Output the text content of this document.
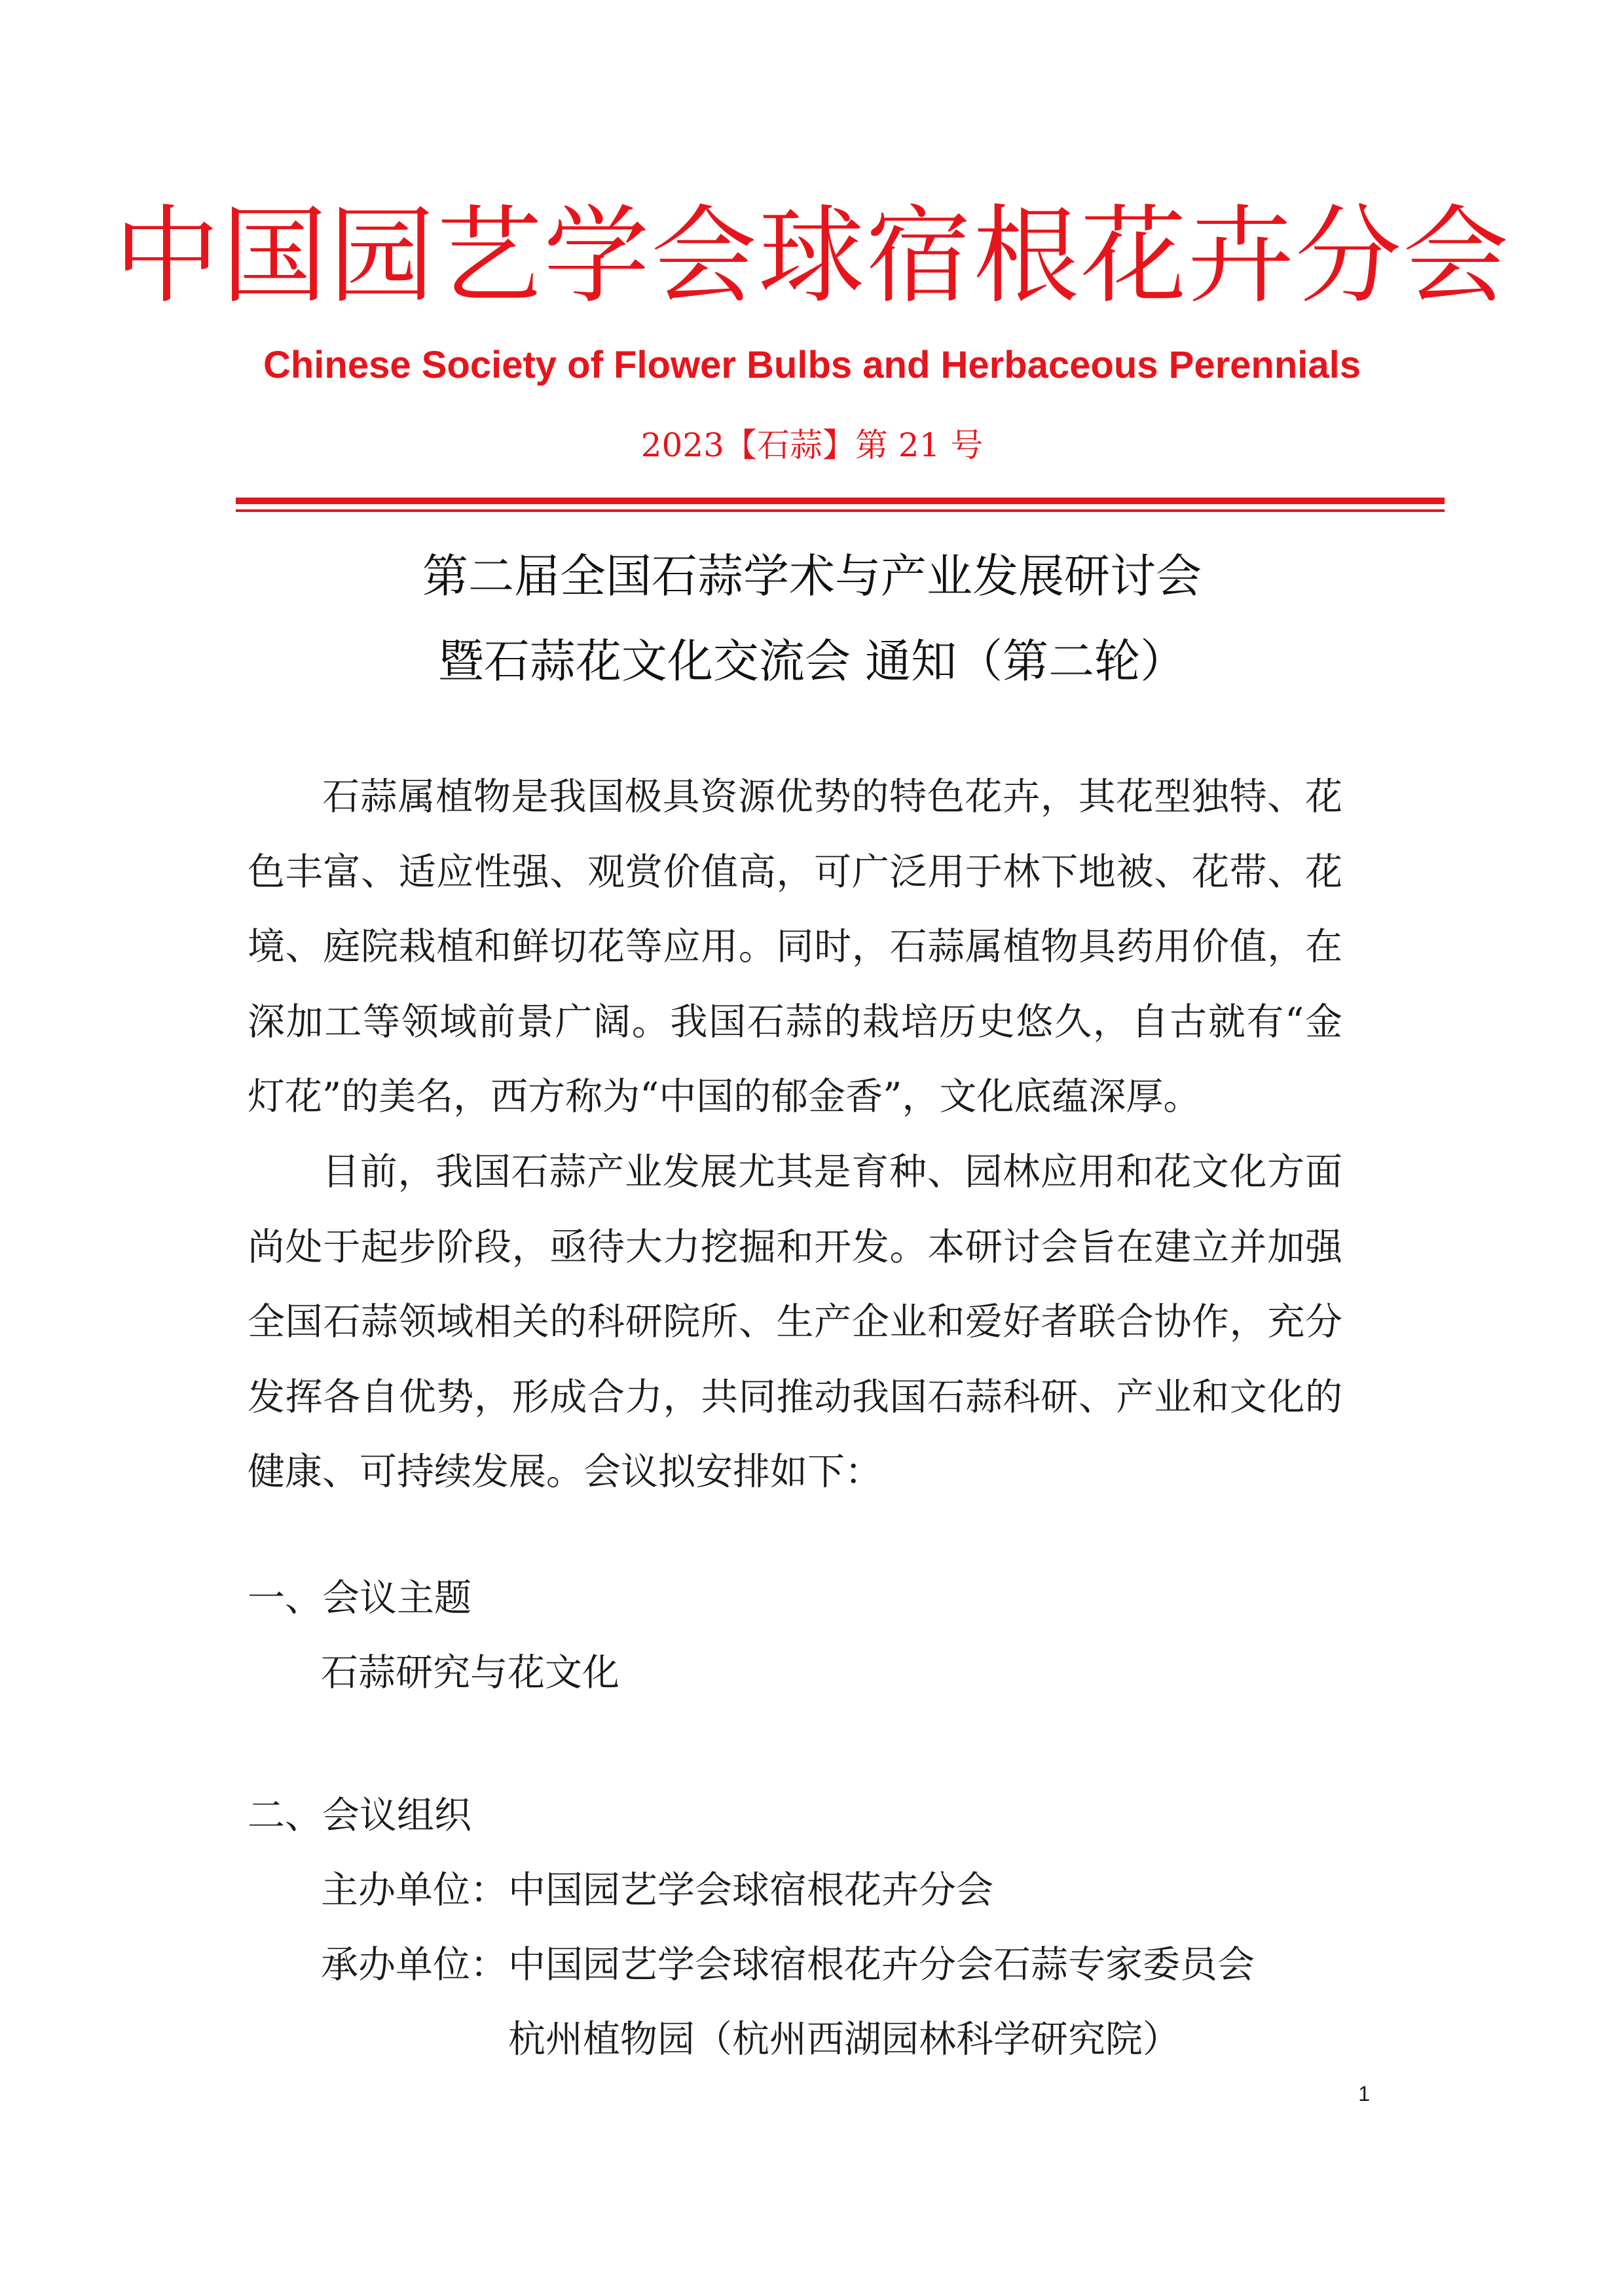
中国园艺学会球宿根花卉分会
Chinese Society of Flower Bulbs and Herbaceous Perennials
2023【石蒜】第 21 号
第二届全国石蒜学术与产业发展研讨会
暨石蒜花文化交流会 通知（第二轮）

石蒜属植物是我国极具资源优势的特色花卉，其花型独特、花色丰富、适应性强、观赏价值高，可广泛用于林下地被、花带、花境、庭院栽植和鲜切花等应用。同时，石蒜属植物具药用价值，在深加工等领域前景广阔。我国石蒜的栽培历史悠久，自古就有“金灯花”的美名，西方称为“中国的郁金香”，文化底蕴深厚。

目前，我国石蒜产业发展尤其是育种、园林应用和花文化方面尚处于起步阶段，亟待大力挖掘和开发。本研讨会旨在建立并加强全国石蒜领域相关的科研院所、生产企业和爱好者联合协作，充分发挥各自优势，形成合力，共同推动我国石蒜科研、产业和文化的健康、可持续发展。会议拟安排如下：

一、会议主题
石蒜研究与花文化
二、会议组织
主办单位： 中国园艺学会球宿根花卉分会
承办单位： 中国园艺学会球宿根花卉分会石蒜专家委员会
杭州植物园（杭州西湖园林科学研究院）
1
